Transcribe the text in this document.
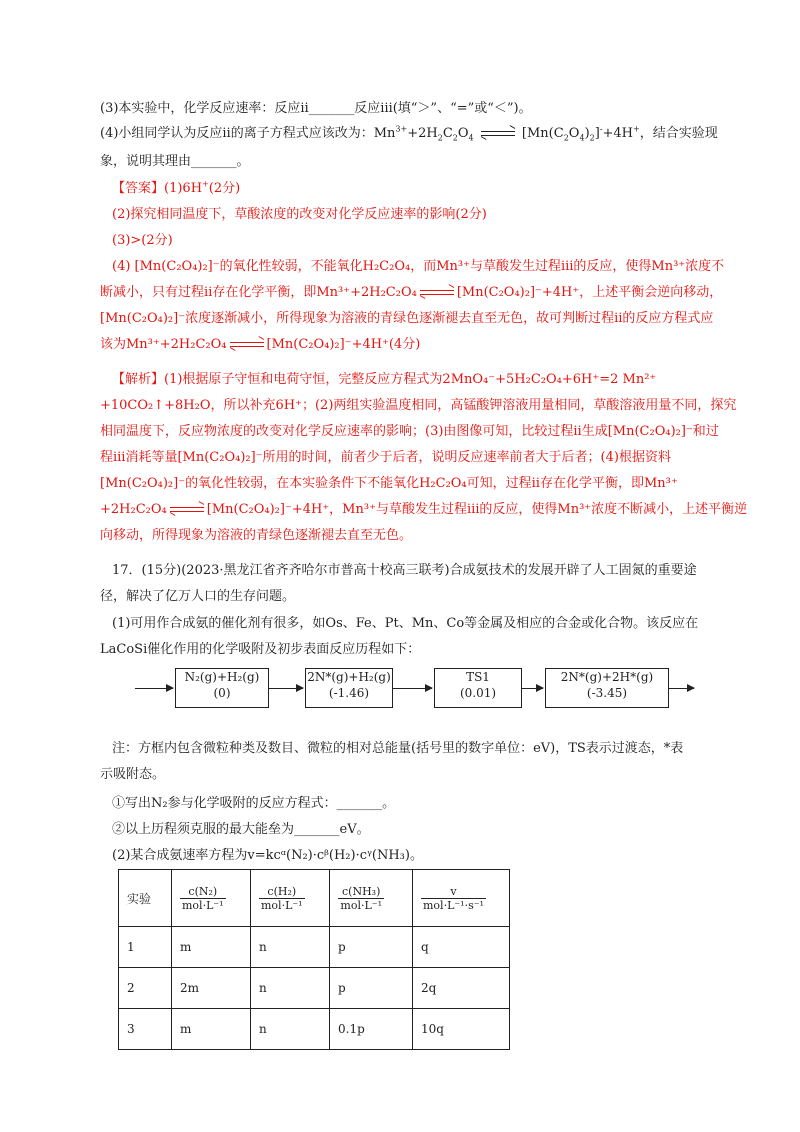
(3)本实验中，化学反应速率：反应ⅱ_______反应ⅲ(填“＞”、“=”或“＜”)。
(4)小组同学认为反应ⅱ的离子方程式应该改为：$Mn^{3+}+2H_2C_2O_4$	$[Mn(C_2O_4)_2]^-+4H^+$，结合实验现
象，说明其理由_______。
【答案】(1)6H+(2分)
(2)探究相同温度下，草酸浓度的改变对化学反应速率的影响(2分)
(3)>(2分)
(4) [Mn(C₂O₄)₂]⁻的氧化性较弱，不能氧化H₂C₂O₄，而Mn³⁺与草酸发生过程ⅲ的反应，使得Mn³⁺浓度不
断减小，只有过程ⅱ存在化学平衡，即Mn³⁺+2H₂C₂O₄	[Mn(C₂O₄)₂]⁻+4H⁺，上述平衡会逆向移动，
[Mn(C₂O₄)₂]⁻浓度逐渐减小，所得现象为溶液的青绿色逐渐褪去直至无色，故可判断过程ⅱ的反应方程式应
该为Mn³⁺+2H₂C₂O₄	[Mn(C₂O₄)₂]⁻+4H⁺(4分)
【解析】(1)根据原子守恒和电荷守恒，完整反应方程式为2MnO₄⁻+5H₂C₂O₄+6H⁺=2 Mn²⁺
+10CO₂↑+8H₂O，所以补充6H⁺；(2)两组实验温度相同，高锰酸钾溶液用量相同，草酸溶液用量不同，探究
相同温度下，反应物浓度的改变对化学反应速率的影响；(3)由图像可知，比较过程ⅱ生成[Mn(C₂O₄)₂]⁻和过
程ⅲ消耗等量[Mn(C₂O₄)₂]⁻所用的时间，前者少于后者，说明反应速率前者大于后者；(4)根据资料
[Mn(C₂O₄)₂]⁻的氧化性较弱，在本实验条件下不能氧化H₂C₂O₄可知，过程ⅱ存在化学平衡，即Mn³⁺
+2H₂C₂O₄	[Mn(C₂O₄)₂]⁻+4H⁺，Mn³⁺与草酸发生过程ⅲ的反应，使得Mn³⁺浓度不断减小，上述平衡逆
向移动，所得现象为溶液的青绿色逐渐褪去直至无色。
17．(15分)(2023·黑龙江省齐齐哈尔市普高十校高三联考)合成氨技术的发展开辟了人工固氮的重要途
径，解决了亿万人口的生存问题。
(1)可用作合成氨的催化剂有很多，如Os、Fe、Pt、Mn、Co等金属及相应的合金或化合物。该反应在
LaCoSi催化作用的化学吸附及初步表面反应历程如下：
N₂(g)+H₂(g)
(0)
2N*(g)+H₂(g)
(-1.46)
TS1
(0.01)
2N*(g)+2H*(g)
(-3.45)
注：方框内包含微粒种类及数目、微粒的相对总能量(括号里的数字单位：eV)，TS表示过渡态，*表
示吸附态。
①写出N₂参与化学吸附的反应方程式：_______。
②以上历程须克服的最大能垒为_______eV。
(2)某合成氨速率方程为v=kcᵅ(N₂)·cᵝ(H₂)·cᵞ(NH₃)。
实验	$\frac{\text{c(N₂)}}{\text{mol·L⁻¹}}$	$\frac{\text{c(H₂)}}{\text{mol·L⁻¹}}$	$\frac{\text{c(NH₃)}}{\text{mol·L⁻¹}}$	$\frac{v}{\text{mol·L⁻¹·s⁻¹}}$

1	m	n	p	q
2	2m	n	p	2q
3	m	n	0.1p	10q
